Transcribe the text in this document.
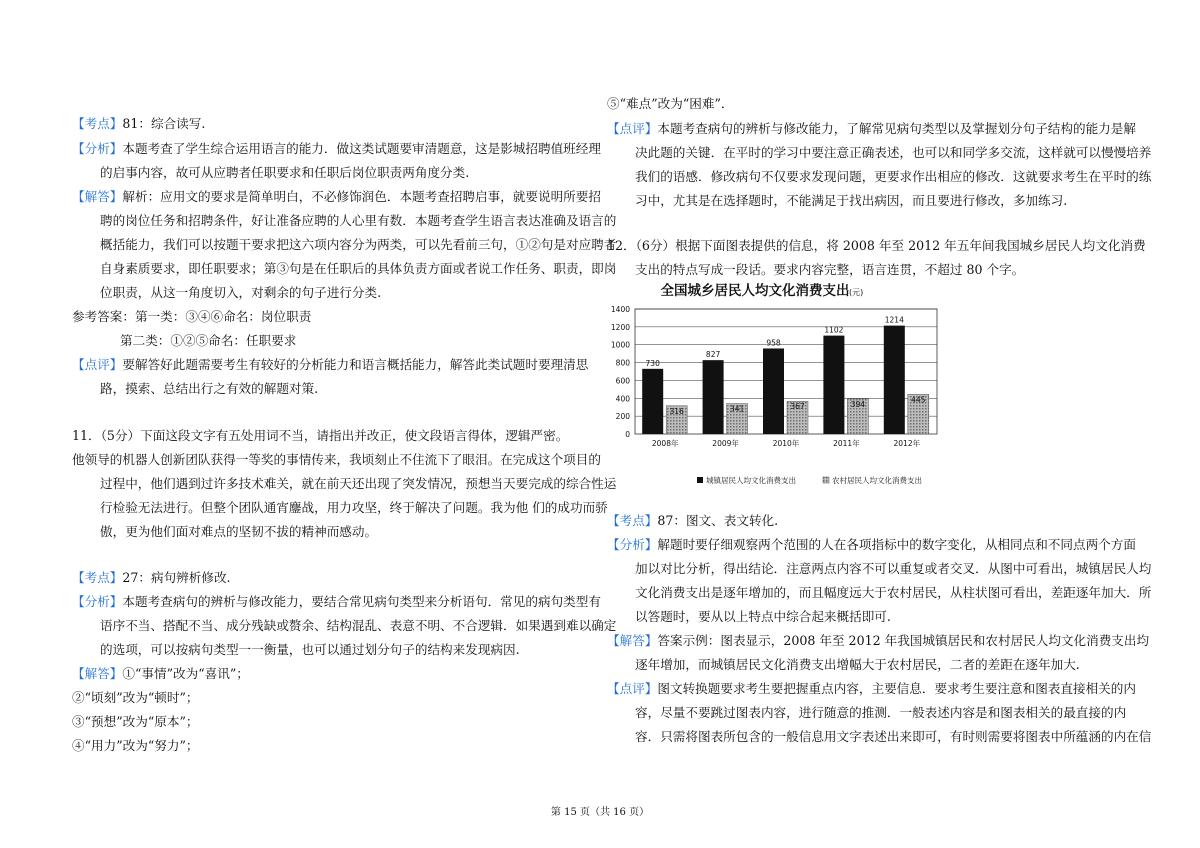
【考点】81：综合读写.
【分析】本题考查了学生综合运用语言的能力．做这类试题要审清题意，这是影城招聘值班经理
的启事内容，故可从应聘者任职要求和任职后岗位职责两角度分类.
【解答】解析：应用文的要求是简单明白，不必修饰润色．本题考查招聘启事，就要说明所要招
聘的岗位任务和招聘条件，好让准备应聘的人心里有数．本题考查学生语言表达准确及语言的
概括能力，我们可以按题干要求把这六项内容分为两类，可以先看前三句，①②句是对应聘者
自身素质要求，即任职要求；第③句是在任职后的具体负责方面或者说工作任务、职责，即岗
位职责，从这一角度切入，对剩余的句子进行分类.
参考答案：第一类：③④⑥命名：岗位职责
第二类：①②⑤命名：任职要求
【点评】要解答好此题需要考生有较好的分析能力和语言概括能力，解答此类试题时要理清思
路，摸索、总结出行之有效的解题对策.
11．（5分）下面这段文字有五处用词不当，请指出并改正，使文段语言得体，逻辑严密。
他领导的机器人创新团队获得一等奖的事情传来，我顷刻止不住流下了眼泪。在完成这个项目的
过程中，他们遇到过许多技术难关，就在前天还出现了突发情况，预想当天要完成的综合性运
行检验无法进行。但整个团队通宵鏖战，用力攻坚，终于解决了问题。我为他 们的成功而骄
傲，更为他们面对难点的坚韧不拔的精神而感动。
【考点】27：病句辨析修改.
【分析】本题考查病句的辨析与修改能力，要结合常见病句类型来分析语句．常见的病句类型有
语序不当、搭配不当、成分残缺或赘余、结构混乱、表意不明、不合逻辑．如果遇到难以确定
的选项，可以按病句类型一一衡量，也可以通过划分句子的结构来发现病因.
【解答】①“事情”改为“喜讯”；
②“顷刻”改为“顿时”；
③“预想”改为“原本”；
④“用力”改为“努力”；
⑤“难点”改为“困难”．
【点评】本题考查病句的辨析与修改能力，了解常见病句类型以及掌握划分句子结构的能力是解
决此题的关键．在平时的学习中要注意正确表述，也可以和同学多交流，这样就可以慢慢培养
我们的语感．修改病句不仅要求发现问题，更要求作出相应的修改．这就要求考生在平时的练
习中，尤其是在选择题时，不能满足于找出病因，而且要进行修改，多加练习.
12．（6分）根据下面图表提供的信息，将 2008 年至 2012 年五年间我国城乡居民人均文化消费
支出的特点写成一段话。要求内容完整，语言连贯，不超过 80 个字。
全国城乡居民人均文化消费支出 (元)
0
200
400
600
800
1000
1200
1400
730
316
2008年
827
341
2009年
958
367
2010年
1102
394
2011年
1214
445
2012年
城镇居民人均文化消费支出	农村居民人均文化消费支出
【考点】87：图文、表文转化.
【分析】解题时要仔细观察两个范围的人在各项指标中的数字变化，从相同点和不同点两个方面
加以对比分析，得出结论．注意两点内容不可以重复或者交叉．从图中可看出，城镇居民人均
文化消费支出是逐年增加的，而且幅度远大于农村居民，从柱状图可看出，差距逐年加大．所
以答题时，要从以上特点中综合起来概括即可.
【解答】答案示例：图表显示，2008 年至 2012 年我国城镇居民和农村居民人均文化消费支出均
逐年增加，而城镇居民文化消费支出增幅大于农村居民，二者的差距在逐年加大.
【点评】图文转换题要求考生要把握重点内容，主要信息．要求考生要注意和图表直接相关的内
容，尽量不要跳过图表内容，进行随意的推测．一般表述内容是和图表相关的最直接的内
容．只需将图表所包含的一般信息用文字表述出来即可，有时则需要将图表中所蕴涵的内在信
第 15 页（共 16 页）
